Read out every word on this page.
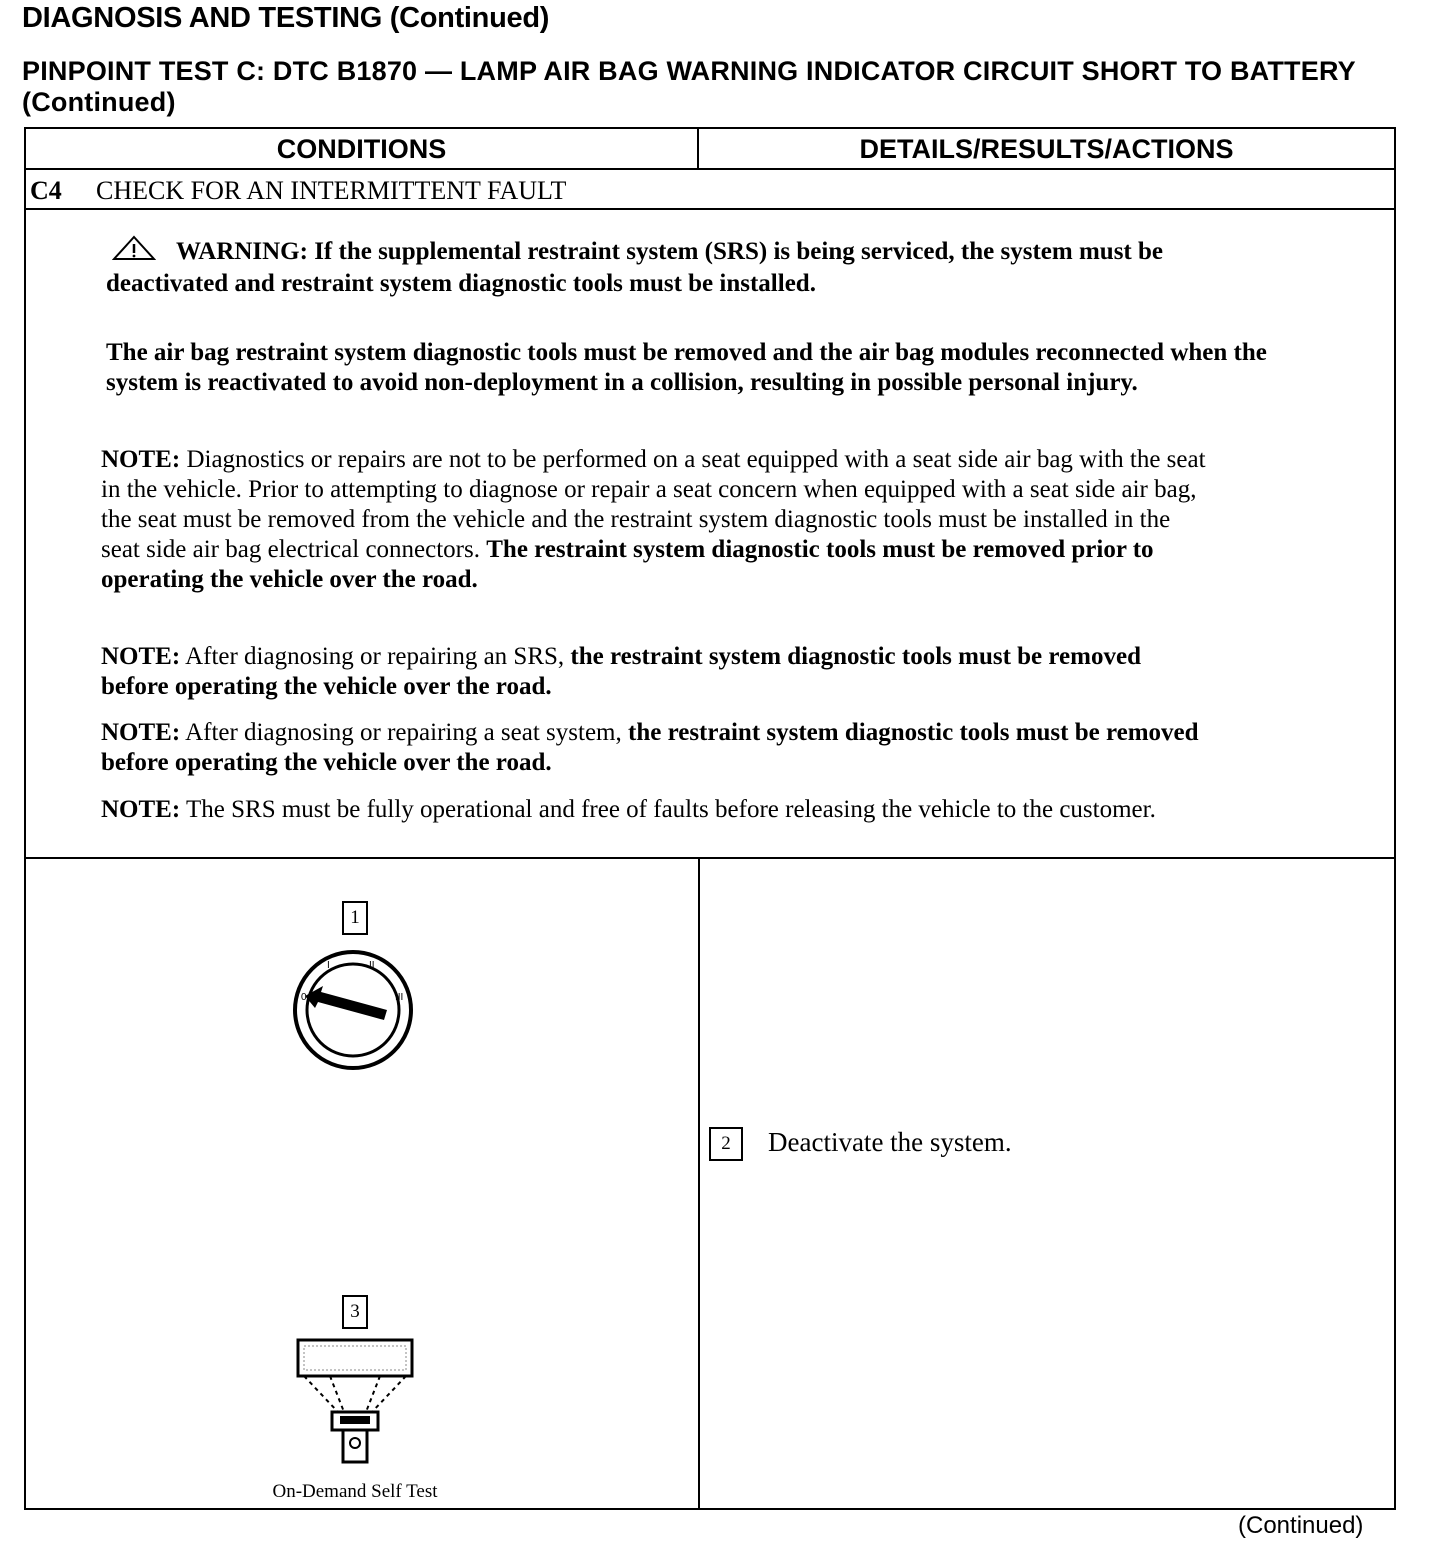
DIAGNOSIS AND TESTING (Continued)
PINPOINT TEST C: DTC B1870 — LAMP AIR BAG WARNING INDICATOR CIRCUIT SHORT TO BATTERY (Continued)
CONDITIONS	DETAILS/RESULTS/ACTIONS
C4 CHECK FOR AN INTERMITTENT FAULT
WARNING: If the supplemental restraint system (SRS) is being serviced, the system must be deactivated and restraint system diagnostic tools must be installed.
The air bag restraint system diagnostic tools must be removed and the air bag modules reconnected when the system is reactivated to avoid non-deployment in a collision, resulting in possible personal injury.
NOTE: Diagnostics or repairs are not to be performed on a seat equipped with a seat side air bag with the seat in the vehicle. Prior to attempting to diagnose or repair a seat concern when equipped with a seat side air bag, the seat must be removed from the vehicle and the restraint system diagnostic tools must be installed in the seat side air bag electrical connectors. The restraint system diagnostic tools must be removed prior to operating the vehicle over the road.
NOTE: After diagnosing or repairing an SRS, the restraint system diagnostic tools must be removed before operating the vehicle over the road.
NOTE: After diagnosing or repairing a seat system, the restraint system diagnostic tools must be removed before operating the vehicle over the road.
NOTE: The SRS must be fully operational and free of faults before releasing the vehicle to the customer.
1
0
I	II
III
3
On-Demand Self Test
2	Deactivate the system.
(Continued)
